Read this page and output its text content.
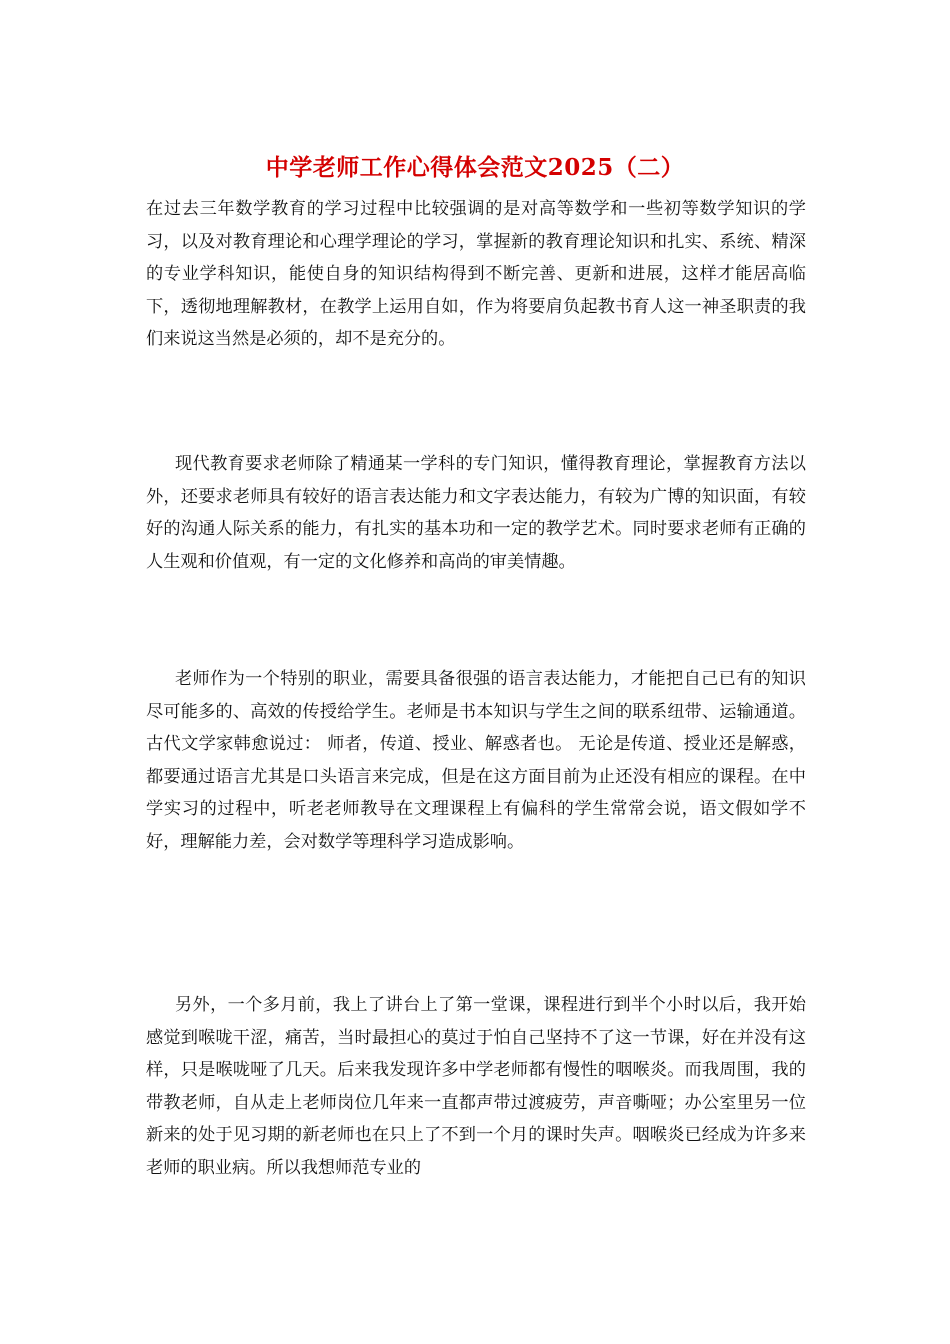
中学老师工作心得体会范文2025（二）

在过去三年数学教育的学习过程中比较强调的是对高等数学和一些初等数学知识的学习，以及对教育理论和心理学理论的学习，掌握新的教育理论知识和扎实、系统、精深的专业学科知识，能使自身的知识结构得到不断完善、更新和进展，这样才能居高临下，透彻地理解教材，在教学上运用自如，作为将要肩负起教书育人这一神圣职责的我们来说这当然是必须的，却不是充分的。

现代教育要求老师除了精通某一学科的专门知识，懂得教育理论，掌握教育方法以外，还要求老师具有较好的语言表达能力和文字表达能力，有较为广博的知识面，有较好的沟通人际关系的能力，有扎实的基本功和一定的教学艺术。同时要求老师有正确的人生观和价值观，有一定的文化修养和高尚的审美情趣。

老师作为一个特别的职业，需要具备很强的语言表达能力，才能把自己已有的知识尽可能多的、高效的传授给学生。老师是书本知识与学生之间的联系纽带、运输通道。古代文学家韩愈说过： 师者，传道、授业、解惑者也。 无论是传道、授业还是解惑，都要通过语言尤其是口头语言来完成，但是在这方面目前为止还没有相应的课程。在中学实习的过程中，听老老师教导在文理课程上有偏科的学生常常会说，语文假如学不好，理解能力差，会对数学等理科学习造成影响。

另外，一个多月前，我上了讲台上了第一堂课，课程进行到半个小时以后，我开始感觉到喉咙干涩，痛苦，当时最担心的莫过于怕自己坚持不了这一节课，好在并没有这样，只是喉咙哑了几天。后来我发现许多中学老师都有慢性的咽喉炎。而我周围，我的带教老师，自从走上老师岗位几年来一直都声带过渡疲劳，声音嘶哑；办公室里另一位新来的处于见习期的新老师也在只上了不到一个月的课时失声。咽喉炎已经成为许多来老师的职业病。所以我想师范专业的
